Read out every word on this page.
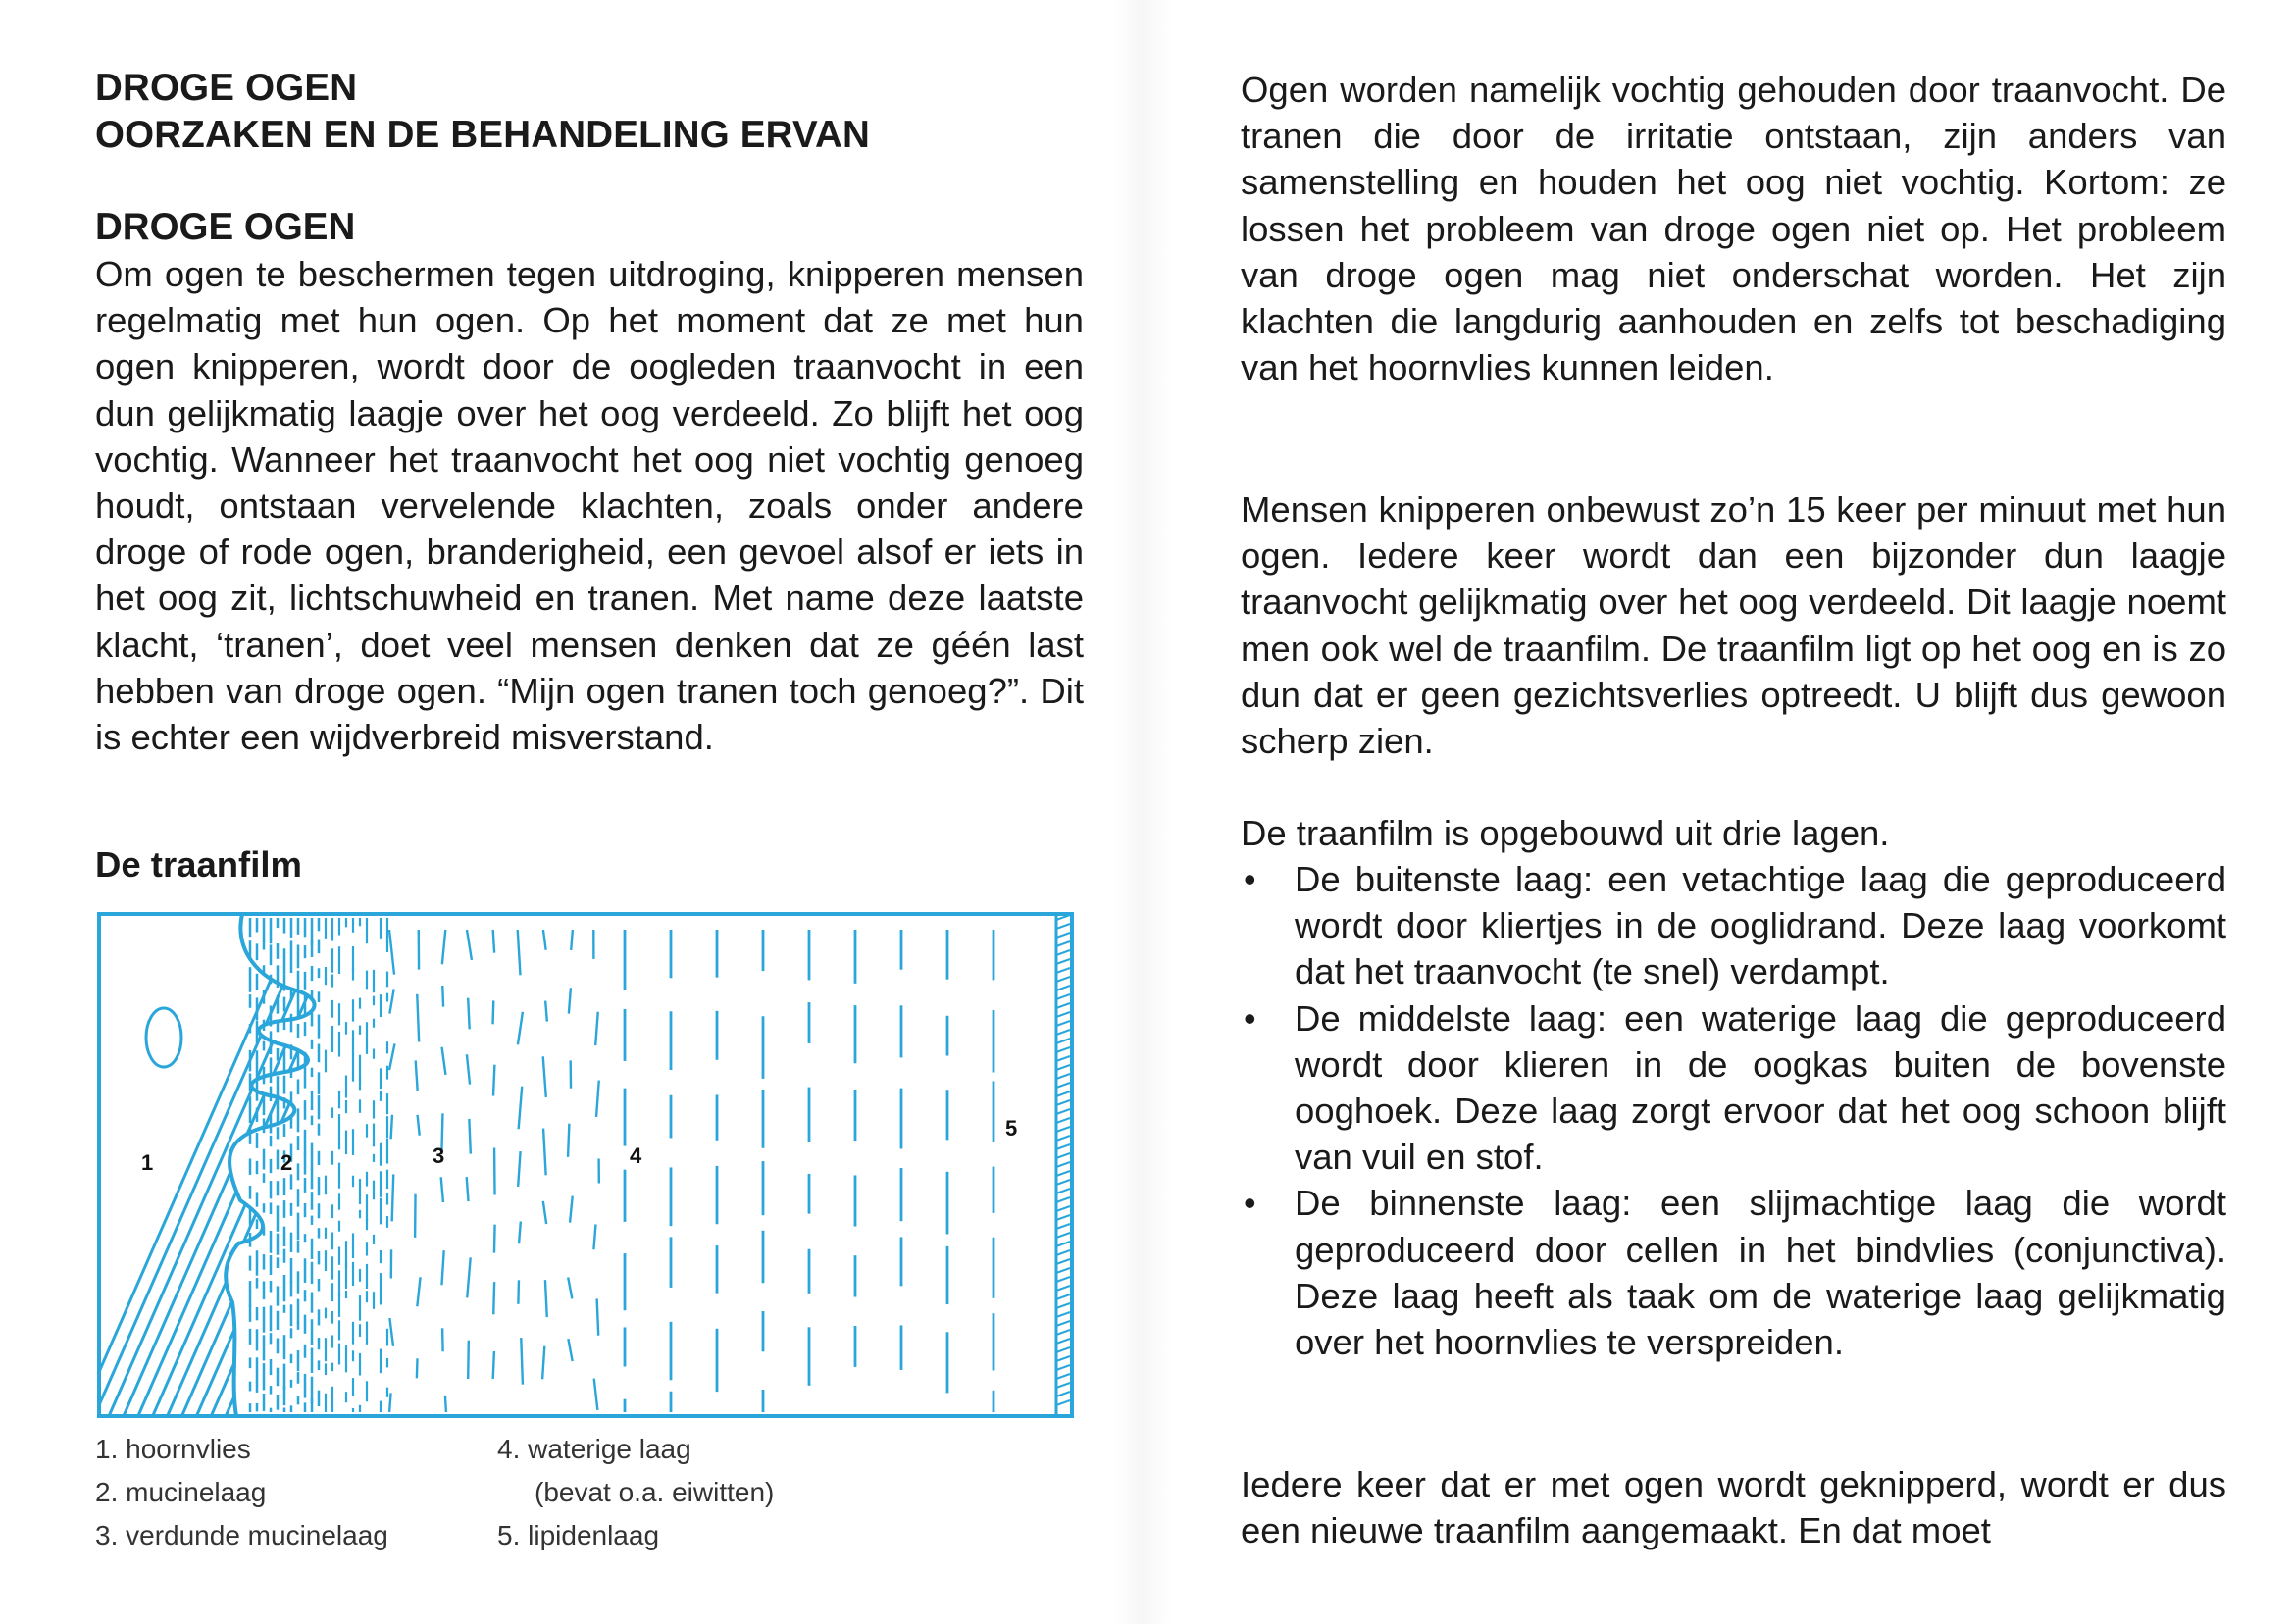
DROGE OGEN
OORZAKEN EN DE BEHANDELING ERVAN
DROGE OGEN

Om ogen te beschermen tegen uitdroging, knipperen mensen regelmatig met hun ogen. Op het moment dat ze met hun ogen knipperen, wordt door de oogleden traanvocht in een dun gelijkmatig laagje over het oog verdeeld. Zo blijft het oog vochtig. Wanneer het traanvocht het oog niet vochtig genoeg houdt, ontstaan vervelende klachten, zoals onder andere droge of rode ogen, branderigheid, een gevoel alsof er iets in het oog zit, lichtschuwheid en tranen. Met name deze laatste klacht, ‘tranen’, doet veel mensen denken dat ze géén last hebben van droge ogen. “Mijn ogen tranen toch genoeg?”. Dit is echter een wijdverbreid misverstand.

De traanfilm
1	2	3	4
5
1. hoornvlies
2. mucinelaag
3. verdunde mucinelaag
4. waterige laag
(bevat o.a. eiwitten)
5. lipidenlaag

Ogen worden namelijk vochtig gehouden door traanvocht. De tranen die door de irritatie ontstaan, zijn anders van samenstelling en houden het oog niet vochtig. Kortom: ze lossen het probleem van droge ogen niet op. Het probleem van droge ogen mag niet onderschat worden. Het zijn klachten die langdurig aanhouden en zelfs tot beschadiging van het hoornvlies kunnen leiden.

Mensen knipperen onbewust zo’n 15 keer per minuut met hun ogen. Iedere keer wordt dan een bijzonder dun laagje traanvocht gelijkmatig over het oog verdeeld. Dit laagje noemt men ook wel de traanfilm. De traanfilm ligt op het oog en is zo dun dat er geen gezichtsverlies optreedt. U blijft dus gewoon scherp zien.

De traanfilm is opgebouwd uit drie lagen.

• De buitenste laag: een vetachtige laag die geproduceerd wordt door kliertjes in de ooglidrand. Deze laag voorkomt dat het traanvocht (te snel) verdampt.
• De middelste laag: een waterige laag die geproduceerd wordt door klieren in de oogkas buiten de bovenste ooghoek. Deze laag zorgt ervoor dat het oog schoon blijft van vuil en stof.
• De binnenste laag: een slijmachtige laag die wordt geproduceerd door cellen in het bindvlies (conjunctiva). Deze laag heeft als taak om de waterige laag gelijkmatig over het hoornvlies te verspreiden.

Iedere keer dat er met ogen wordt geknipperd, wordt er dus een nieuwe traanfilm aangemaakt. En dat moet
